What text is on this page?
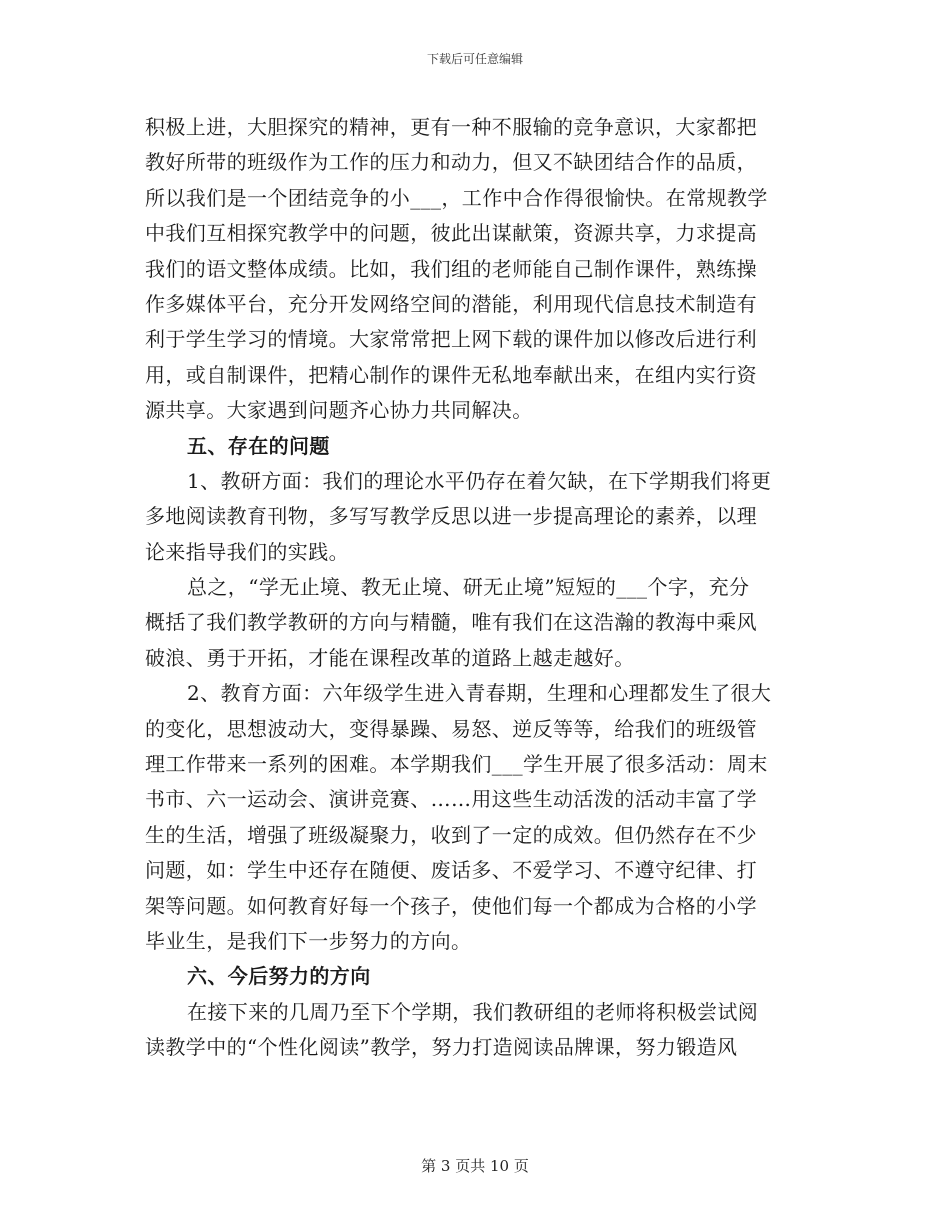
下载后可任意编辑
积极上进，大胆探究的精神，更有一种不服输的竞争意识，大家都把
教好所带的班级作为工作的压力和动力，但又不缺团结合作的品质，
所以我们是一个团结竞争的小___，工作中合作得很愉快。在常规教学
中我们互相探究教学中的问题，彼此出谋献策，资源共享，力求提高
我们的语文整体成绩。比如，我们组的老师能自己制作课件，熟练操
作多媒体平台，充分开发网络空间的潜能，利用现代信息技术制造有
利于学生学习的情境。大家常常把上网下载的课件加以修改后进行利
用，或自制课件，把精心制作的课件无私地奉献出来，在组内实行资
源共享。大家遇到问题齐心协力共同解决。
五、存在的问题
1、教研方面：我们的理论水平仍存在着欠缺，在下学期我们将更
多地阅读教育刊物，多写写教学反思以进一步提高理论的素养，以理
论来指导我们的实践。
总之，“学无止境、教无止境、研无止境”短短的___个字，充分
概括了我们教学教研的方向与精髓，唯有我们在这浩瀚的教海中乘风
破浪、勇于开拓，才能在课程改革的道路上越走越好。
2、教育方面：六年级学生进入青春期，生理和心理都发生了很大
的变化，思想波动大，变得暴躁、易怒、逆反等等，给我们的班级管
理工作带来一系列的困难。本学期我们___学生开展了很多活动：周末
书市、六一运动会、演讲竞赛、……用这些生动活泼的活动丰富了学
生的生活，增强了班级凝聚力，收到了一定的成效。但仍然存在不少
问题，如：学生中还存在随便、废话多、不爱学习、不遵守纪律、打
架等问题。如何教育好每一个孩子，使他们每一个都成为合格的小学
毕业生，是我们下一步努力的方向。
六、今后努力的方向
在接下来的几周乃至下个学期，我们教研组的老师将积极尝试阅
读教学中的“个性化阅读”教学，努力打造阅读品牌课，努力锻造风
第 3 页共 10 页
